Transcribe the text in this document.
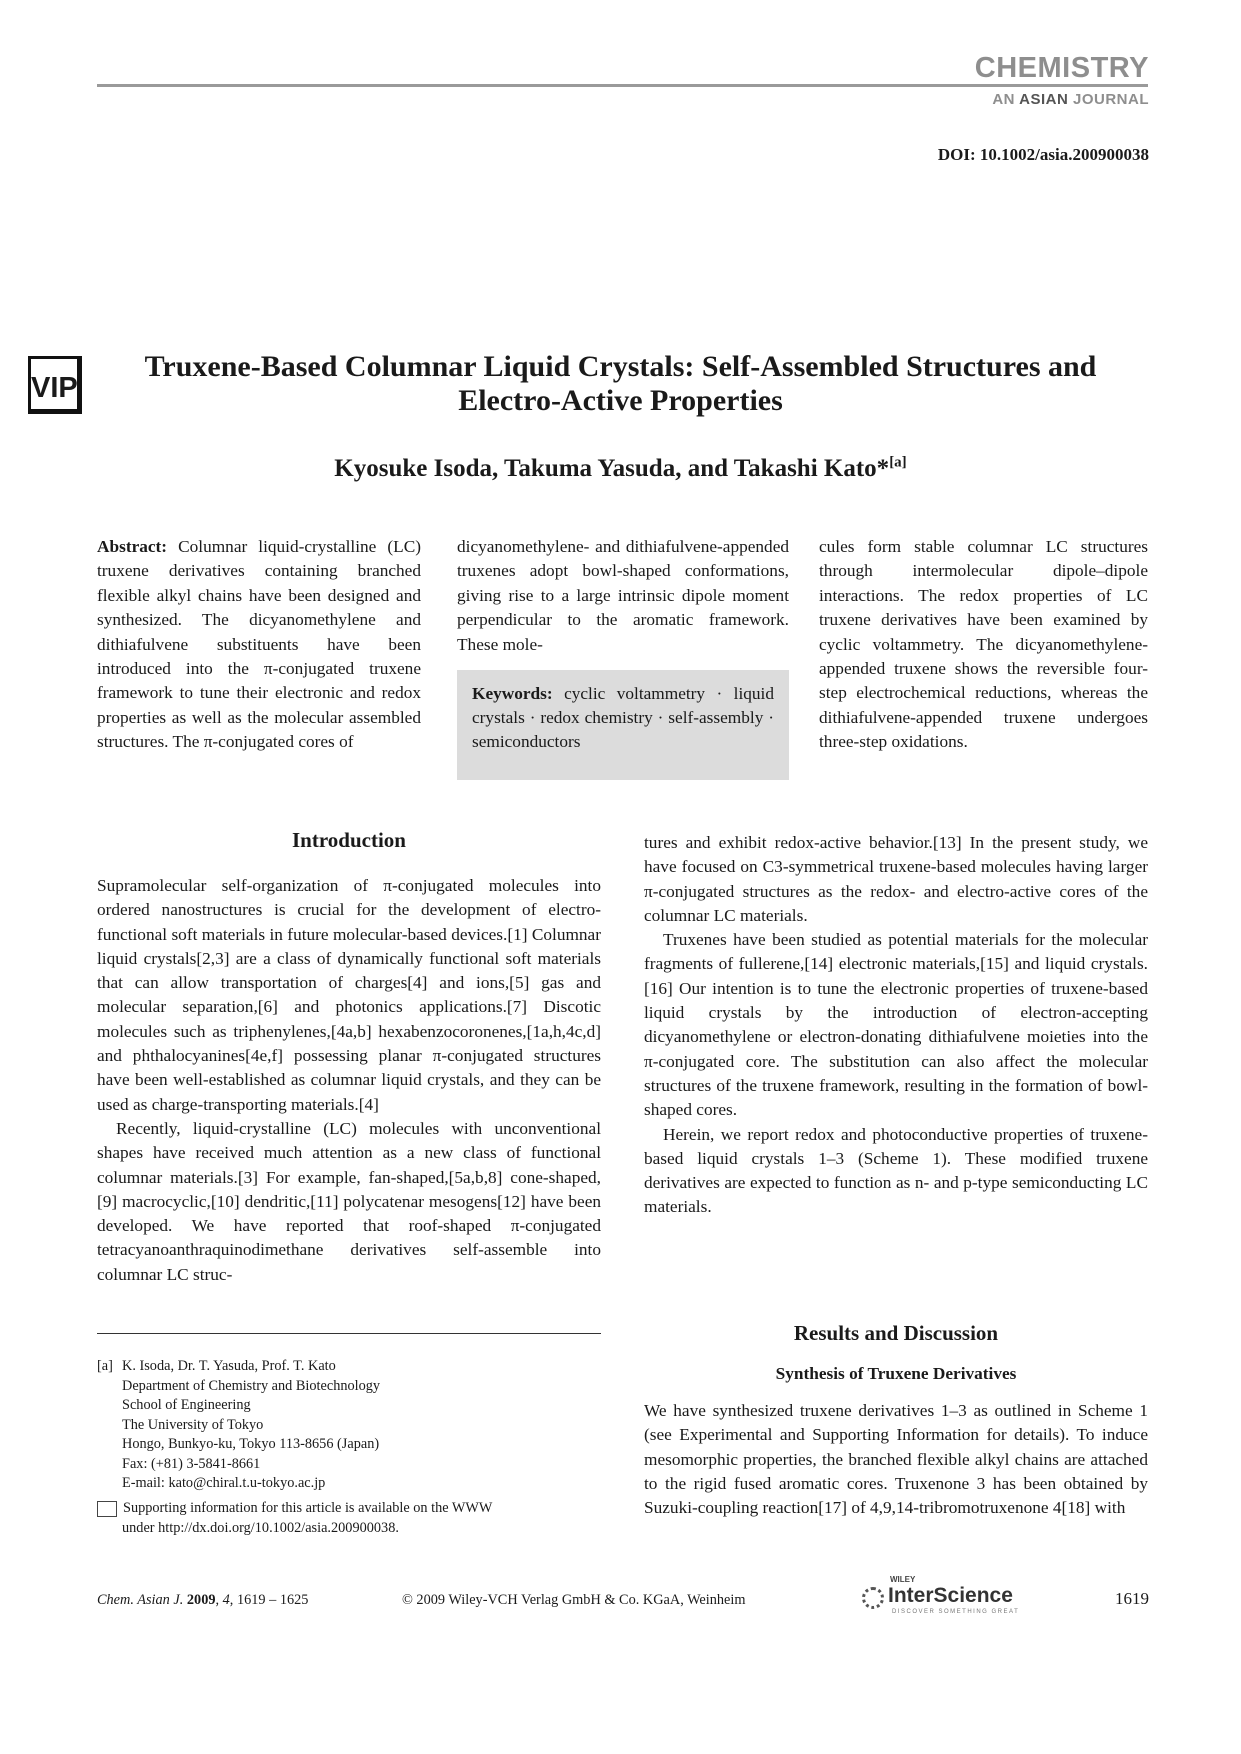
CHEMISTRY
AN ASIAN JOURNAL
DOI: 10.1002/asia.200900038
VIP
Truxene-Based Columnar Liquid Crystals: Self-Assembled Structures and Electro-Active Properties
Kyosuke Isoda, Takuma Yasuda, and Takashi Kato*[a]
Abstract: Columnar liquid-crystalline (LC) truxene derivatives containing branched flexible alkyl chains have been designed and synthesized. The dicyanomethylene and dithiafulvene substituents have been introduced into the π-conjugated truxene framework to tune their electronic and redox properties as well as the molecular assembled structures. The π-conjugated cores of
dicyanomethylene- and dithiafulvene-appended truxenes adopt bowl-shaped conformations, giving rise to a large intrinsic dipole moment perpendicular to the aromatic framework. These mole-
Keywords: cyclic voltammetry · liquid crystals · redox chemistry · self-assembly · semiconductors
cules form stable columnar LC structures through intermolecular dipole–dipole interactions. The redox properties of LC truxene derivatives have been examined by cyclic voltammetry. The dicyanomethylene-appended truxene shows the reversible four-step electrochemical reductions, whereas the dithiafulvene-appended truxene undergoes three-step oxidations.
Introduction

Supramolecular self-organization of π-conjugated molecules into ordered nanostructures is crucial for the development of electro-functional soft materials in future molecular-based devices.[1] Columnar liquid crystals[2,3] are a class of dynamically functional soft materials that can allow transportation of charges[4] and ions,[5] gas and molecular separation,[6] and photonics applications.[7] Discotic molecules such as triphenylenes,[4a,b] hexabenzocoronenes,[1a,h,4c,d] and phthalocyanines[4e,f] possessing planar π-conjugated structures have been well-established as columnar liquid crystals, and they can be used as charge-transporting materials.[4]

Recently, liquid-crystalline (LC) molecules with unconventional shapes have received much attention as a new class of functional columnar materials.[3] For example, fan-shaped,[5a,b,8] cone-shaped,[9] macrocyclic,[10] dendritic,[11] polycatenar mesogens[12] have been developed. We have reported that roof-shaped π-conjugated tetracyanoanthraquinodimethane derivatives self-assemble into columnar LC struc-

[a] K. Isoda, Dr. T. Yasuda, Prof. T. Kato
Department of Chemistry and Biotechnology
School of Engineering
The University of Tokyo
Hongo, Bunkyo-ku, Tokyo 113-8656 (Japan)
Fax: (+81) 3-5841-8661
E-mail: kato@chiral.t.u-tokyo.ac.jp
Supporting information for this article is available on the WWW
under http://dx.doi.org/10.1002/asia.200900038.

tures and exhibit redox-active behavior.[13] In the present study, we have focused on C3-symmetrical truxene-based molecules having larger π-conjugated structures as the redox- and electro-active cores of the columnar LC materials.

Truxenes have been studied as potential materials for the molecular fragments of fullerene,[14] electronic materials,[15] and liquid crystals.[16] Our intention is to tune the electronic properties of truxene-based liquid crystals by the introduction of electron-accepting dicyanomethylene or electron-donating dithiafulvene moieties into the π-conjugated core. The substitution can also affect the molecular structures of the truxene framework, resulting in the formation of bowl-shaped cores.

Herein, we report redox and photoconductive properties of truxene-based liquid crystals 1–3 (Scheme 1). These modified truxene derivatives are expected to function as n- and p-type semiconducting LC materials.

Results and Discussion
Synthesis of Truxene Derivatives

We have synthesized truxene derivatives 1–3 as outlined in Scheme 1 (see Experimental and Supporting Information for details). To induce mesomorphic properties, the branched flexible alkyl chains are attached to the rigid fused aromatic cores. Truxenone 3 has been obtained by Suzuki-coupling reaction[17] of 4,9,14-tribromotruxenone 4[18] with

Chem. Asian J. 2009, 4, 1619 – 1625	© 2009 Wiley-VCH Verlag GmbH & Co. KGaA, Weinheim
WILEY
InterScience
DISCOVER SOMETHING GREAT
1619
